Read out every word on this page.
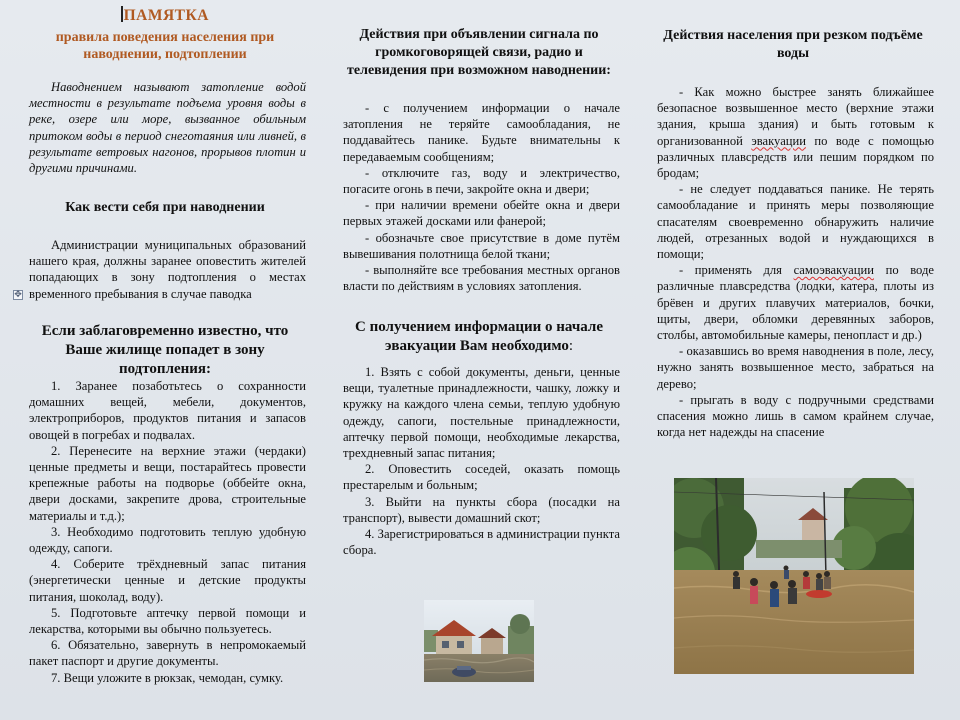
✥
ПАМЯТКА
правила поведения населения при наводнении, подтоплении

Наводнением называют затопление водой местности в результате подъема уровня воды в реке, озере или море, вызванное обильным притоком воды в период снеготаяния или ливней, в результате ветровых нагонов, прорывов плотин и другими причинами.

Как вести себя при наводнении

Администрации муниципальных образований нашего края, должны заранее оповестить жителей попадающих в зону подтопления о местах временного пребывания в случае паводка

Если заблаговременно известно, что Ваше жилище попадет в зону подтопления:

1. Заранее позаботьтесь о сохранности домашних вещей, мебели, документов, электроприборов, продуктов питания и запасов овощей в погребах и подвалах.

2. Перенесите на верхние этажи (чердаки) ценные предметы и вещи, постарайтесь провести крепежные работы на подворье (оббейте окна, двери досками, закрепите дрова, строительные материалы и т.д.);

3. Необходимо подготовить теплую удобную одежду, сапоги.

4. Соберите трёхдневный запас питания (энергетически ценные и детские продукты питания, шоколад, воду).

5. Подготовьте аптечку первой помощи и лекарства, которыми вы обычно пользуетесь.

6. Обязательно, завернуть в непромокаемый пакет паспорт и другие документы.

7. Вещи уложите в рюкзак, чемодан, сумку.

Действия при объявлении сигнала по громкоговорящей связи, радио и телевидения при возможном наводнении:

- с получением информации о начале затопления не теряйте самообладания, не поддавайтесь панике. Будьте внимательны к передаваемым сообщениям;

- отключите газ, воду и электричество, погасите огонь в печи, закройте окна и двери;

- при наличии времени обейте окна и двери первых этажей досками или фанерой;

- обозначьте свое присутствие в доме путём вывешивания полотнища белой ткани;

- выполняйте все требования местных органов власти по действиям в условиях затопления.

С получением информации о начале эвакуации Вам необходимо:

1. Взять с собой документы, деньги, ценные вещи, туалетные принадлежности, чашку, ложку и кружку на каждого члена семьи, теплую удобную одежду, сапоги, постельные принадлежности, аптечку первой помощи, необходимые лекарства, трехдневный запас питания;

2. Оповестить соседей, оказать помощь престарелым и больным;

3. Выйти на пункты сбора (посадки на транспорт), вывести домашний скот;

4. Зарегистрироваться в администрации пункта сбора.

Действия населения при резком подъёме воды

- Как можно быстрее занять ближайшее безопасное возвышенное место (верхние этажи здания, крыша здания) и быть готовым к организованной эвакуации по воде с помощью различных плавсредств или пешим порядком по бродам;

- не следует поддаваться панике. Не терять самообладание и принять меры позволяющие спасателям своевременно обнаружить наличие людей, отрезанных водой и нуждающихся в помощи;

- применять для самоэвакуации по воде различные плавсредства (лодки, катера, плоты из брёвен и других плавучих материалов, бочки, щиты, двери, обломки деревянных заборов, столбы, автомобильные камеры, пенопласт и др.)

- оказавшись во время наводнения в поле, лесу, нужно занять возвышенное место, забраться на дерево;

- прыгать в воду с подручными средствами спасения можно лишь в самом крайнем случае, когда нет надежды на спасение
